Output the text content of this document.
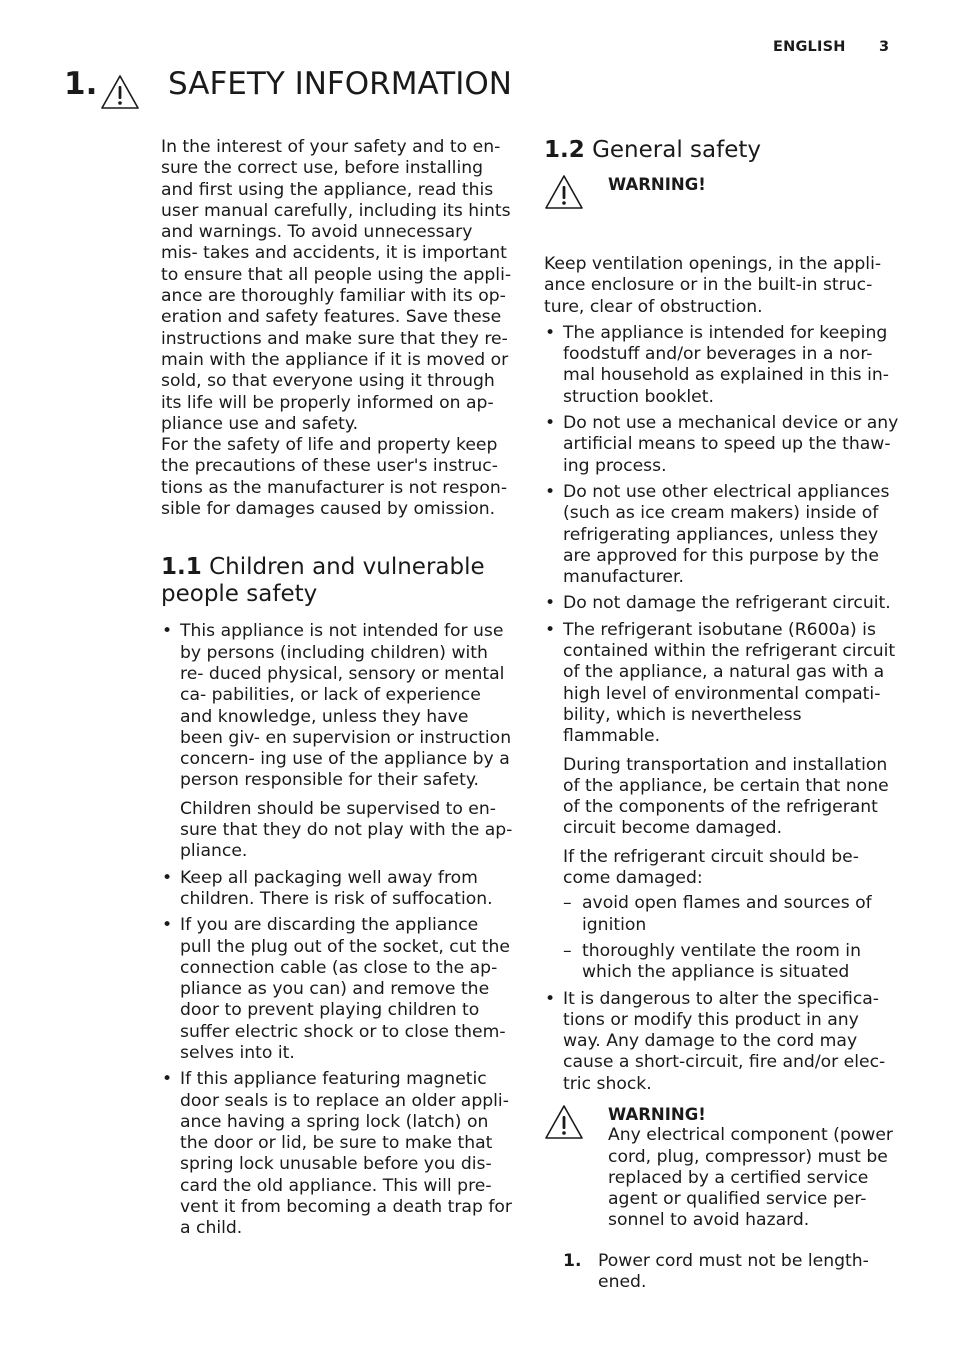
ENGLISH 3
1. SAFETY INFORMATION

In the interest of your safety and to en- sure the correct use, before installing and first using the appliance, read this user manual carefully, including its hints and warnings. To avoid unnecessary mis- takes and accidents, it is important to ensure that all people using the appli- ance are thoroughly familiar with its op- eration and safety features. Save these instructions and make sure that they re- main with the appliance if it is moved or sold, so that everyone using it through its life will be properly informed on ap- pliance use and safety.

For the safety of life and property keep the precautions of these user's instruc- tions as the manufacturer is not respon- sible for damages caused by omission.

1.1 Children and vulnerable people safety

• This appliance is not intended for use by persons (including children) with re- duced physical, sensory or mental ca- pabilities, or lack of experience and knowledge, unless they have been giv- en supervision or instruction concern- ing use of the appliance by a person responsible for their safety.

Children should be supervised to en- sure that they do not play with the ap- pliance.

• Keep all packaging well away from children. There is risk of suffocation.

• If you are discarding the appliance pull the plug out of the socket, cut the connection cable (as close to the ap- pliance as you can) and remove the door to prevent playing children to suffer electric shock or to close them- selves into it.

• If this appliance featuring magnetic door seals is to replace an older appli- ance having a spring lock (latch) on the door or lid, be sure to make that spring lock unusable before you dis- card the old appliance. This will pre- vent it from becoming a death trap for a child.

1.2 General safety
WARNING!

Keep ventilation openings, in the appli- ance enclosure or in the built-in struc- ture, clear of obstruction.

• The appliance is intended for keeping foodstuff and/or beverages in a nor- mal household as explained in this in- struction booklet.

• Do not use a mechanical device or any artificial means to speed up the thaw- ing process.

• Do not use other electrical appliances (such as ice cream makers) inside of refrigerating appliances, unless they are approved for this purpose by the manufacturer.

• Do not damage the refrigerant circuit.

• The refrigerant isobutane (R600a) is contained within the refrigerant circuit of the appliance, a natural gas with a high level of environmental compati- bility, which is nevertheless flammable.

During transportation and installation of the appliance, be certain that none of the components of the refrigerant circuit become damaged.

If the refrigerant circuit should be- come damaged:

– avoid open flames and sources of ignition
– thoroughly ventilate the room in which the appliance is situated

• It is dangerous to alter the specifica- tions or modify this product in any way. Any damage to the cord may cause a short-circuit, fire and/or elec- tric shock.

WARNING!
Any electrical component (power cord, plug, compressor) must be replaced by a certified service agent or qualified service per- sonnel to avoid hazard.
1. Power cord must not be length- ened.
